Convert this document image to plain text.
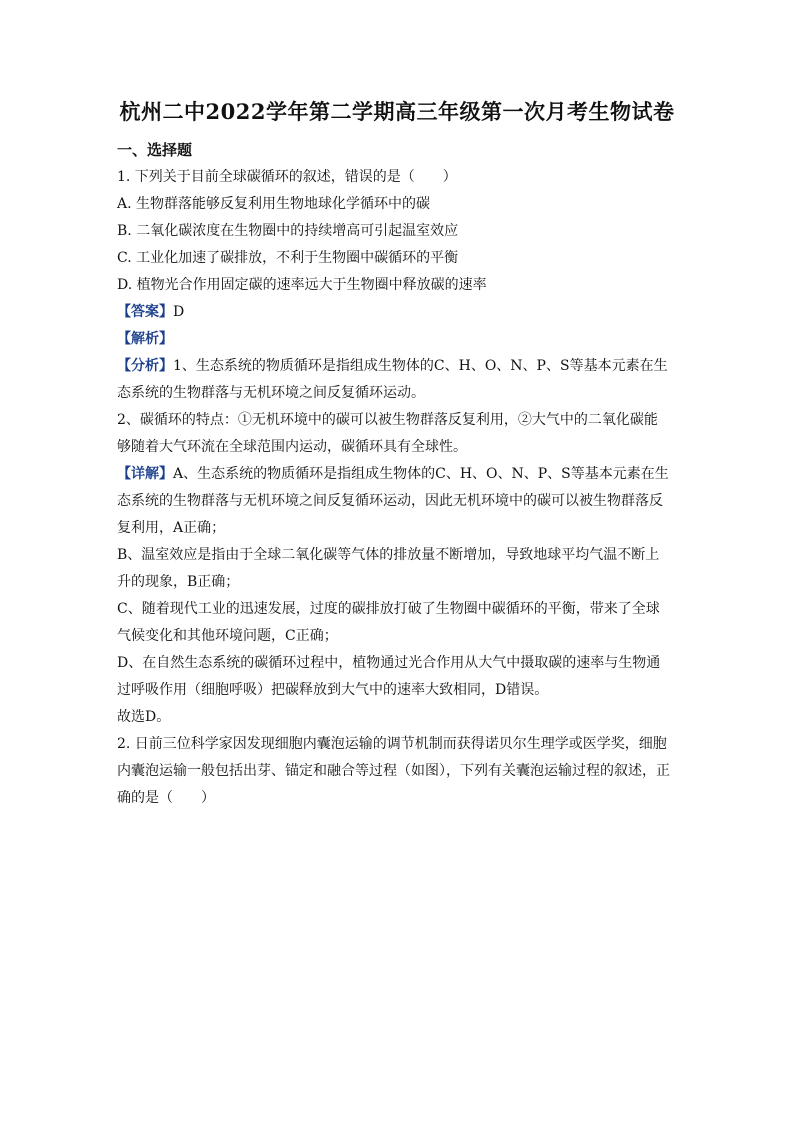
杭州二中2022学年第二学期高三年级第一次月考生物试卷
一、选择题
1. 下列关于目前全球碳循环的叙述，错误的是（　　）
A. 生物群落能够反复利用生物地球化学循环中的碳
B. 二氧化碳浓度在生物圈中的持续增高可引起温室效应
C. 工业化加速了碳排放，不利于生物圈中碳循环的平衡
D. 植物光合作用固定碳的速率远大于生物圈中释放碳的速率
【答案】D
【解析】
【分析】1、生态系统的物质循环是指组成生物体的C、H、O、N、P、S等基本元素在生
态系统的生物群落与无机环境之间反复循环运动。
2、碳循环的特点：①无机环境中的碳可以被生物群落反复利用，②大气中的二氧化碳能
够随着大气环流在全球范围内运动，碳循环具有全球性。
【详解】A、生态系统的物质循环是指组成生物体的C、H、O、N、P、S等基本元素在生
态系统的生物群落与无机环境之间反复循环运动，因此无机环境中的碳可以被生物群落反
复利用，A正确；
B、温室效应是指由于全球二氧化碳等气体的排放量不断增加，导致地球平均气温不断上
升的现象，B正确；
C、随着现代工业的迅速发展，过度的碳排放打破了生物圈中碳循环的平衡，带来了全球
气候变化和其他环境问题，C正确；
D、在自然生态系统的碳循环过程中，植物通过光合作用从大气中摄取碳的速率与生物通
过呼吸作用（细胞呼吸）把碳释放到大气中的速率大致相同，D错误。
故选D。
2. 日前三位科学家因发现细胞内囊泡运输的调节机制而获得诺贝尔生理学或医学奖，细胞
内囊泡运输一般包括出芽、锚定和融合等过程（如图），下列有关囊泡运输过程的叙述，正
确的是（　　）
